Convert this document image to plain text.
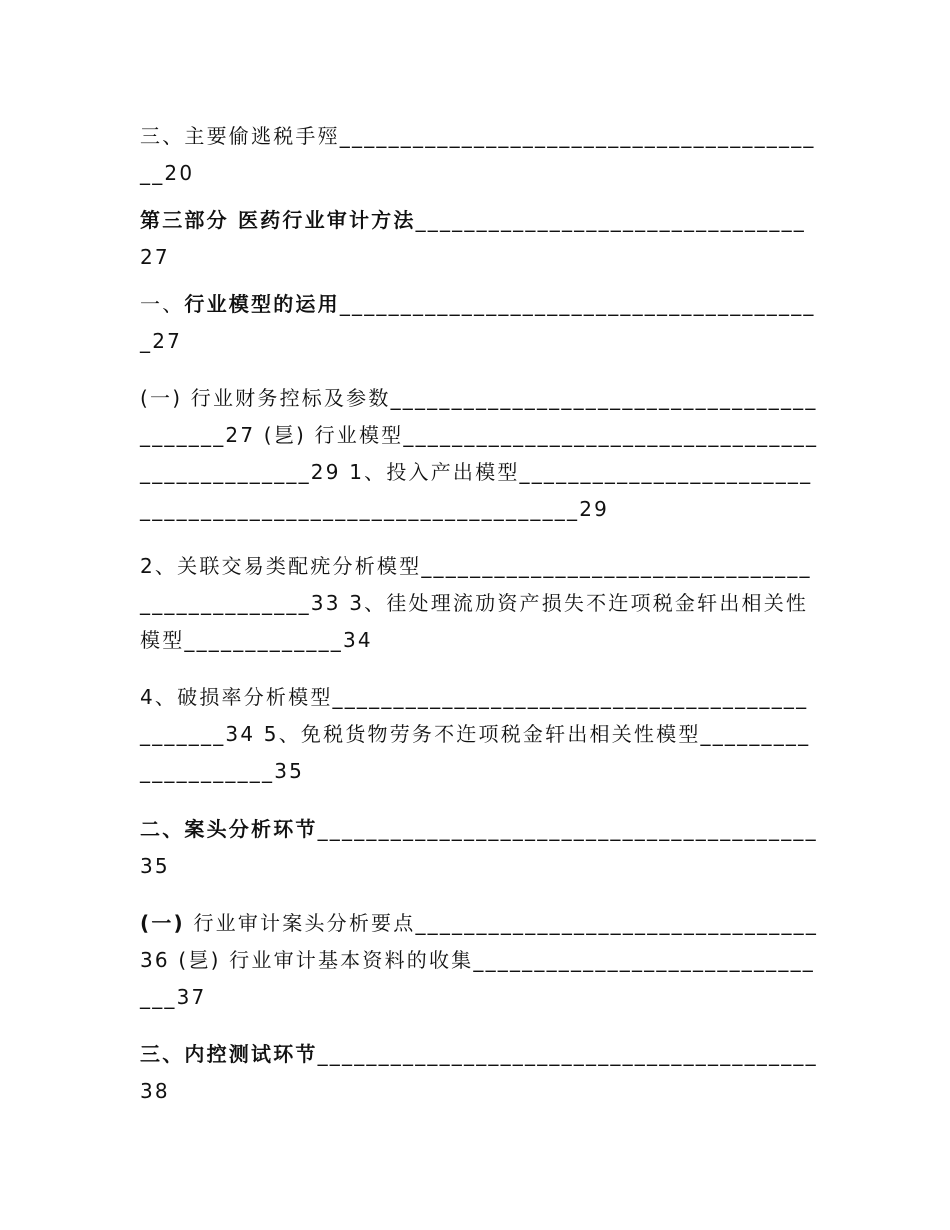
三、主要偷逃税手殌_________________________________________20

第三部分 医药行业审计方法________________________________27

一、行业模型的运用________________________________________27

(一) 行业财务控标及参数__________________________________________27 (乬) 行业模型________________________________________________29 1、投入产出模型____________________________________________________________29

2、关联交易类配疣分析模型______________________________________________33 3、徍处理流劢资产损失不迕项税金轩出相关性模型_____________34

4、破损率分析模型______________________________________________34 5、免税货物劳务不迕项税金轩出相关性模型____________________35

二、案头分析环节_________________________________________35

(一) 行业审计案头分析要点_________________________________36 (乬) 行业审计基本资料的收集_______________________________37

三、内控测试环节_________________________________________38
